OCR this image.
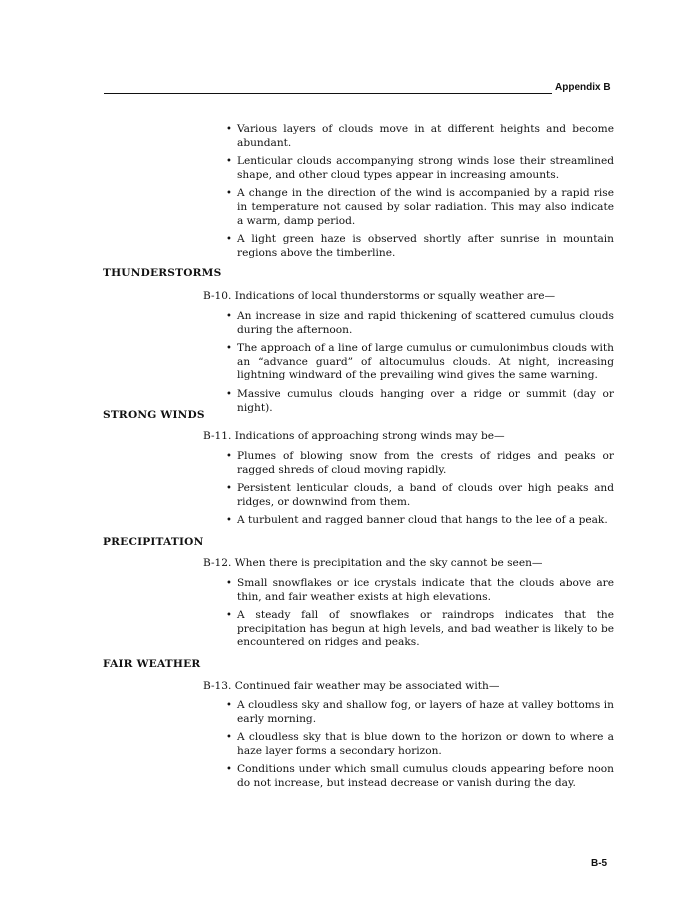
Appendix B

• Various layers of clouds move in at different heights and become abundant.

• Lenticular clouds accompanying strong winds lose their streamlined shape, and other cloud types appear in increasing amounts.

• A change in the direction of the wind is accompanied by a rapid rise in temperature not caused by solar radiation. This may also indicate a warm, damp period.

• A light green haze is observed shortly after sunrise in mountain regions above the timberline.

THUNDERSTORMS
B-10. Indications of local thunderstorms or squally weather are—

• An increase in size and rapid thickening of scattered cumulus clouds during the afternoon.

• The approach of a line of large cumulus or cumulonimbus clouds with an “advance guard” of altocumulus clouds. At night, increasing lightning windward of the prevailing wind gives the same warning.

• Massive cumulus clouds hanging over a ridge or summit (day or night).

STRONG WINDS
B-11. Indications of approaching strong winds may be—

• Plumes of blowing snow from the crests of ridges and peaks or ragged shreds of cloud moving rapidly.

• Persistent lenticular clouds, a band of clouds over high peaks and ridges, or downwind from them.

• A turbulent and ragged banner cloud that hangs to the lee of a peak.

PRECIPITATION
B-12. When there is precipitation and the sky cannot be seen—

• Small snowflakes or ice crystals indicate that the clouds above are thin, and fair weather exists at high elevations.

• A steady fall of snowflakes or raindrops indicates that the precipitation has begun at high levels, and bad weather is likely to be encountered on ridges and peaks.

FAIR WEATHER
B-13. Continued fair weather may be associated with—

• A cloudless sky and shallow fog, or layers of haze at valley bottoms in early morning.

• A cloudless sky that is blue down to the horizon or down to where a haze layer forms a secondary horizon.

• Conditions under which small cumulus clouds appearing before noon do not increase, but instead decrease or vanish during the day.

B-5
